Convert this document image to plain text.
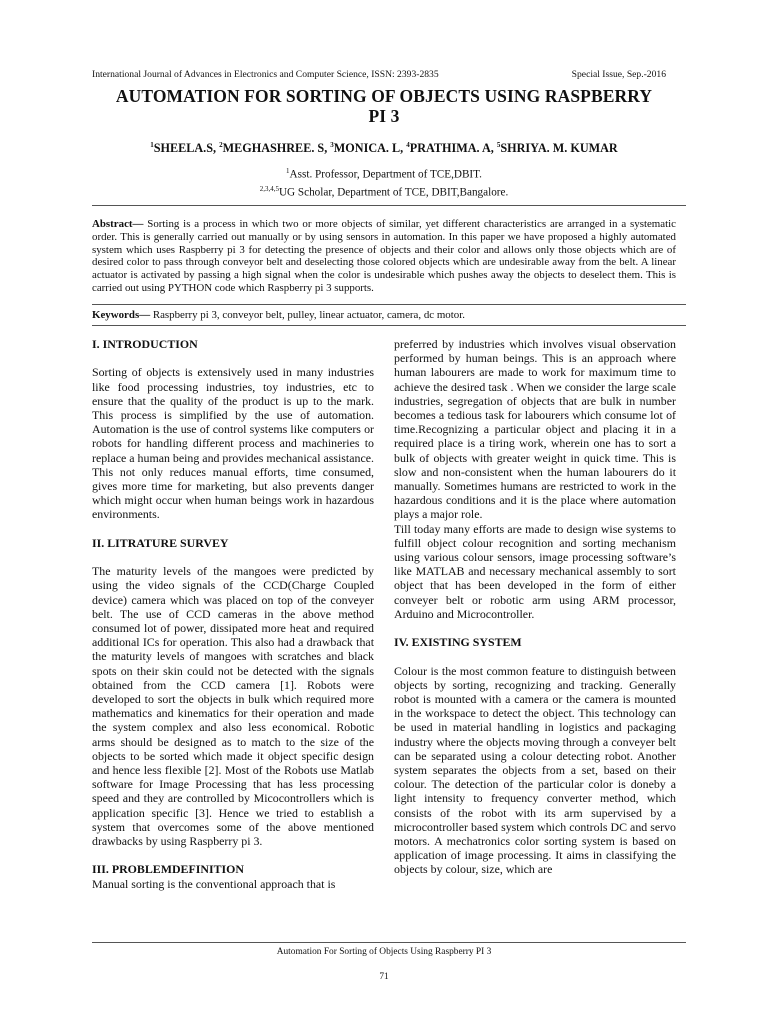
International Journal of Advances in Electronics and Computer Science, ISSN: 2393-2835	Special Issue, Sep.-2016
AUTOMATION FOR SORTING OF OBJECTS USING RASPBERRY
PI 3
$^1$SHEELA.S, $^2$MEGHASHREE. S, $^3$MONICA. L, $^4$PRATHIMA. A, $^5$SHRIYA. M. KUMAR
$^1$Asst. Professor, Department of TCE,DBIT.
$^{2,3,4,5}$UG Scholar, Department of TCE, DBIT,Bangalore.
Abstract— Sorting is a process in which two or more objects of similar, yet different characteristics are arranged in a systematic order. This is generally carried out manually or by using sensors in automation. In this paper we have proposed a highly automated system which uses Raspberry pi 3 for detecting the presence of objects and their color and allows only those objects which are of desired color to pass through conveyor belt and deselecting those colored objects which are undesirable away from the belt. A linear actuator is activated by passing a high signal when the color is undesirable which pushes away the objects to deselect them. This is carried out using PYTHON code which Raspberry pi 3 supports.
Keywords— Raspberry pi 3, conveyor belt, pulley, linear actuator, camera, dc motor.
I. INTRODUCTION

Sorting of objects is extensively used in many industries like food processing industries, toy industries, etc to ensure that the quality of the product is up to the mark. This process is simplified by the use of automation. Automation is the use of control systems like computers or robots for handling different process and machineries to replace a human being and provides mechanical assistance. This not only reduces manual efforts, time consumed, gives more time for marketing, but also prevents danger which might occur when human beings work in hazardous environments.

II. LITRATURE SURVEY

The maturity levels of the mangoes were predicted by using the video signals of the CCD(Charge Coupled device) camera which was placed on top of the conveyer belt. The use of CCD cameras in the above method consumed lot of power, dissipated more heat and required additional ICs for operation. This also had a drawback that the maturity levels of mangoes with scratches and black spots on their skin could not be detected with the signals obtained from the CCD camera [1]. Robots were developed to sort the objects in bulk which required more mathematics and kinematics for their operation and made the system complex and also less economical. Robotic arms should be designed as to match to the size of the objects to be sorted which made it object specific design and hence less flexible [2]. Most of the Robots use Matlab software for Image Processing that has less processing speed and they are controlled by Micocontrollers which is application specific [3]. Hence we tried to establish a system that overcomes some of the above mentioned drawbacks by using Raspberry pi 3.

III. PROBLEMDEFINITION

Manual sorting is the conventional approach that is

preferred by industries which involves visual observation performed by human beings. This is an approach where human labourers are made to work for maximum time to achieve the desired task . When we consider the large scale industries, segregation of objects that are bulk in number becomes a tedious task for labourers which consume lot of time.Recognizing a particular object and placing it in a required place is a tiring work, wherein one has to sort a bulk of objects with greater weight in quick time. This is slow and non-consistent when the human labourers do it manually. Sometimes humans are restricted to work in the hazardous conditions and it is the place where automation plays a major role.

Till today many efforts are made to design wise systems to fulfill object colour recognition and sorting mechanism using various colour sensors, image processing software’s like MATLAB and necessary mechanical assembly to sort object that has been developed in the form of either conveyer belt or robotic arm using ARM processor, Arduino and Microcontroller.

IV. EXISTING SYSTEM

Colour is the most common feature to distinguish between objects by sorting, recognizing and tracking. Generally robot is mounted with a camera or the camera is mounted in the workspace to detect the object. This technology can be used in material handling in logistics and packaging industry where the objects moving through a conveyer belt can be separated using a colour detecting robot. Another system separates the objects from a set, based on their colour. The detection of the particular color is doneby a light intensity to frequency converter method, which consists of the robot with its arm supervised by a microcontroller based system which controls DC and servo motors. A mechatronics color sorting system is based on application of image processing. It aims in classifying the objects by colour, size, which are

Automation For Sorting of Objects Using Raspberry PI 3
71
